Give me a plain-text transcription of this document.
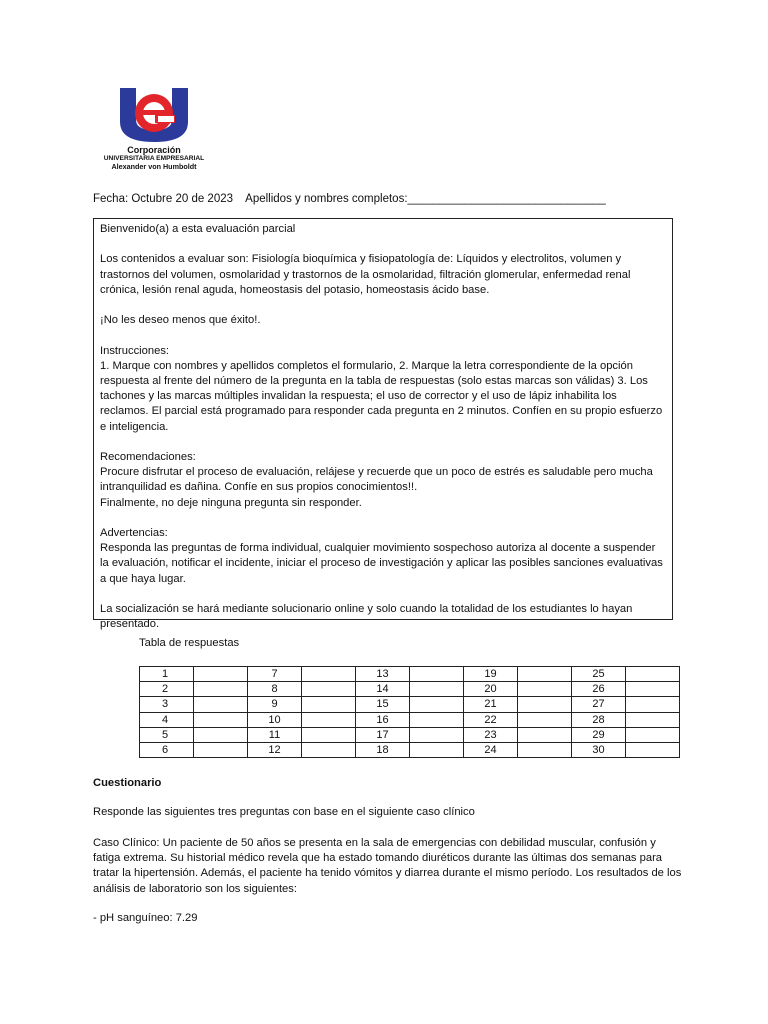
Corporación
UNIVERSITARIA EMPRESARIAL
Alexander von Humboldt
Fecha: Octubre 20 de 2023    Apellidos y nombres completos:_______________________________

Bienvenido(a) a esta evaluación parcial

Los contenidos a evaluar son: Fisiología bioquímica y fisiopatología de: Líquidos y electrolitos, volumen y trastornos del volumen, osmolaridad y trastornos de la osmolaridad, filtración glomerular, enfermedad renal crónica, lesión renal aguda, homeostasis del potasio, homeostasis ácido base.

¡No les deseo menos que éxito!.

Instrucciones:
1. Marque con nombres y apellidos completos el formulario, 2. Marque la letra correspondiente de la opción respuesta al frente del número de la pregunta en la tabla de respuestas (solo estas marcas son válidas) 3. Los tachones y las marcas múltiples invalidan la respuesta; el uso de corrector y el uso de lápiz inhabilita los reclamos. El parcial está programado para responder cada pregunta en 2 minutos. Confíen en su propio esfuerzo e inteligencia.

Recomendaciones:
Procure disfrutar el proceso de evaluación, relájese y recuerde que un poco de estrés es saludable pero mucha intranquilidad es dañina. Confíe en sus propios conocimientos!!.
Finalmente, no deje ninguna pregunta sin responder.

Advertencias:
Responda las preguntas de forma individual, cualquier movimiento sospechoso autoriza al docente a suspender la evaluación, notificar el incidente, iniciar el proceso de investigación y aplicar las posibles sanciones evaluativas a que haya lugar.

La socialización se hará mediante solucionario online y solo cuando la totalidad de los estudiantes lo hayan presentado.

Tabla de respuestas
1		7		13		19		25	
2		8		14		20		26	
3		9		15		21		27	
4		10		16		22		28	
5		11		17		23		29	
6		12		18		24		30	
Cuestionario
Responde las siguientes tres preguntas con base en el siguiente caso clínico
Caso Clínico: Un paciente de 50 años se presenta en la sala de emergencias con debilidad muscular, confusión y fatiga extrema. Su historial médico revela que ha estado tomando diuréticos durante las últimas dos semanas para tratar la hipertensión. Además, el paciente ha tenido vómitos y diarrea durante el mismo período. Los resultados de los análisis de laboratorio son los siguientes:
- pH sanguíneo: 7.29
